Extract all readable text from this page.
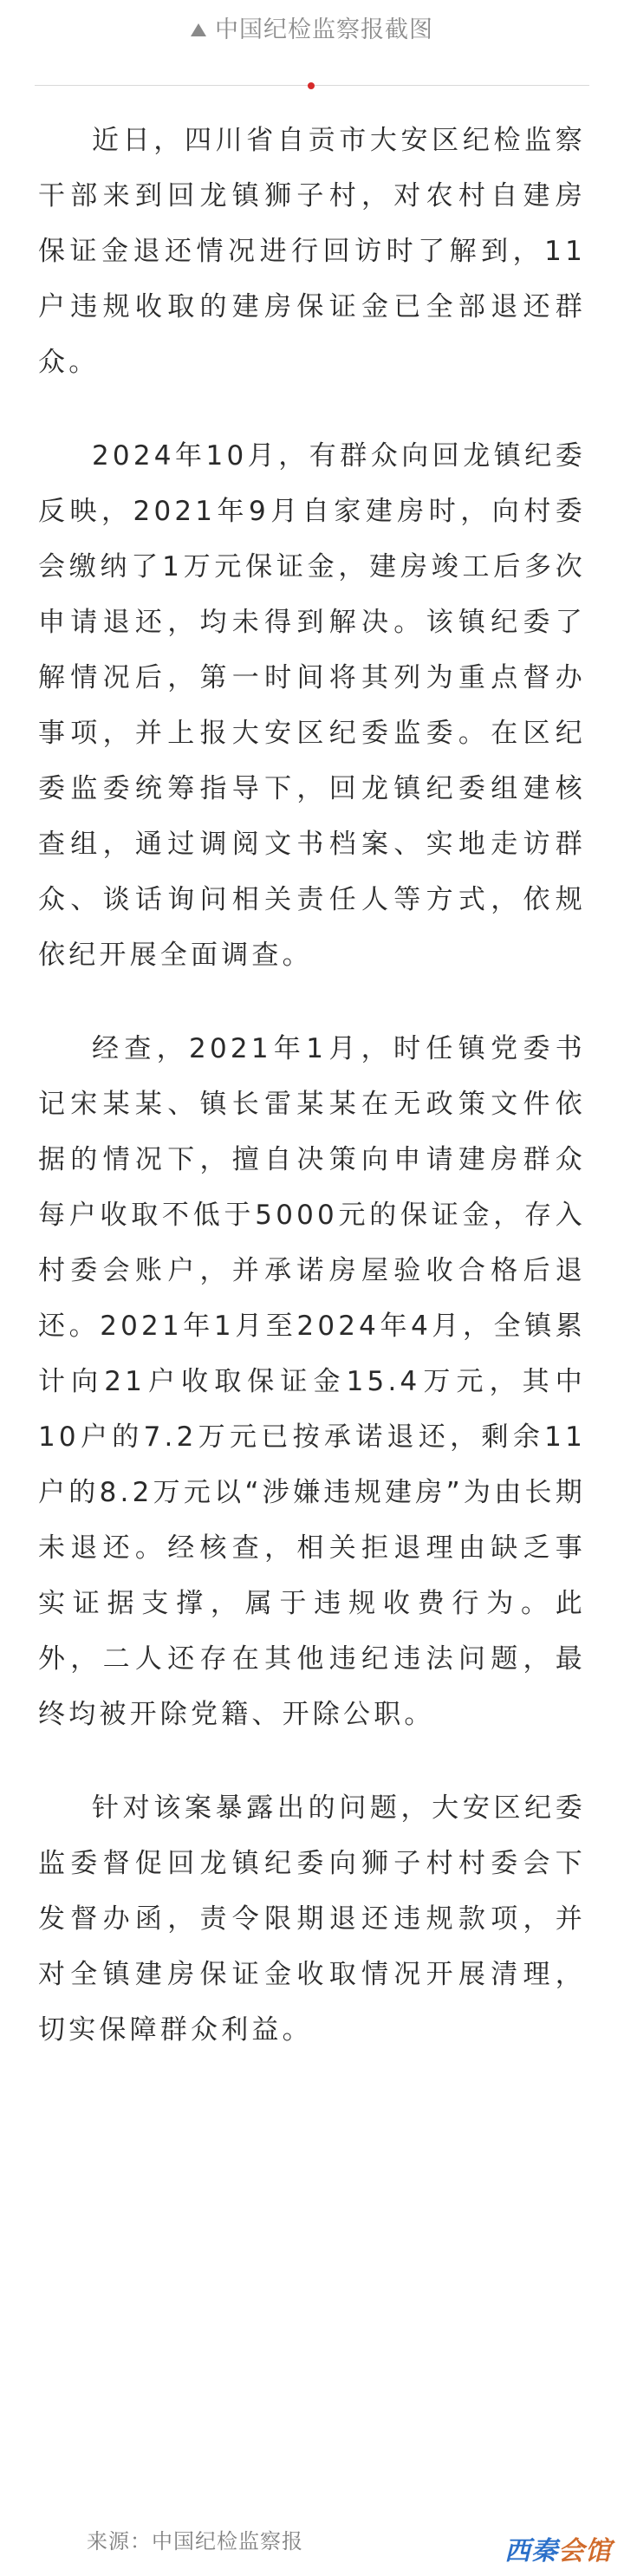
中国纪检监察报截图

近日，四川省自贡市大安区纪检监察干部来到回龙镇狮子村，对农村自建房保证金退还情况进行回访时了解到，11户违规收取的建房保证金已全部退还群众。

2024年10月，有群众向回龙镇纪委反映，2021年9月自家建房时，向村委会缴纳了1万元保证金，建房竣工后多次申请退还，均未得到解决。该镇纪委了解情况后，第一时间将其列为重点督办事项，并上报大安区纪委监委。在区纪委监委统筹指导下，回龙镇纪委组建核查组，通过调阅文书档案、实地走访群众、谈话询问相关责任人等方式，依规依纪开展全面调查。

经查，2021年1月，时任镇党委书记宋某某、镇长雷某某在无政策文件依据的情况下，擅自决策向申请建房群众每户收取不低于5000元的保证金，存入村委会账户，并承诺房屋验收合格后退还。2021年1月至2024年4月，全镇累计向21户收取保证金15.4万元，其中10户的7.2万元已按承诺退还，剩余11户的8.2万元以“涉嫌违规建房”为由长期未退还。经核查，相关拒退理由缺乏事实证据支撑，属于违规收费行为。此外，二人还存在其他违纪违法问题，最终均被开除党籍、开除公职。

针对该案暴露出的问题，大安区纪委监委督促回龙镇纪委向狮子村村委会下发督办函，责令限期退还违规款项，并对全镇建房保证金收取情况开展清理，切实保障群众利益。

来源：中国纪检监察报	西秦会馆
